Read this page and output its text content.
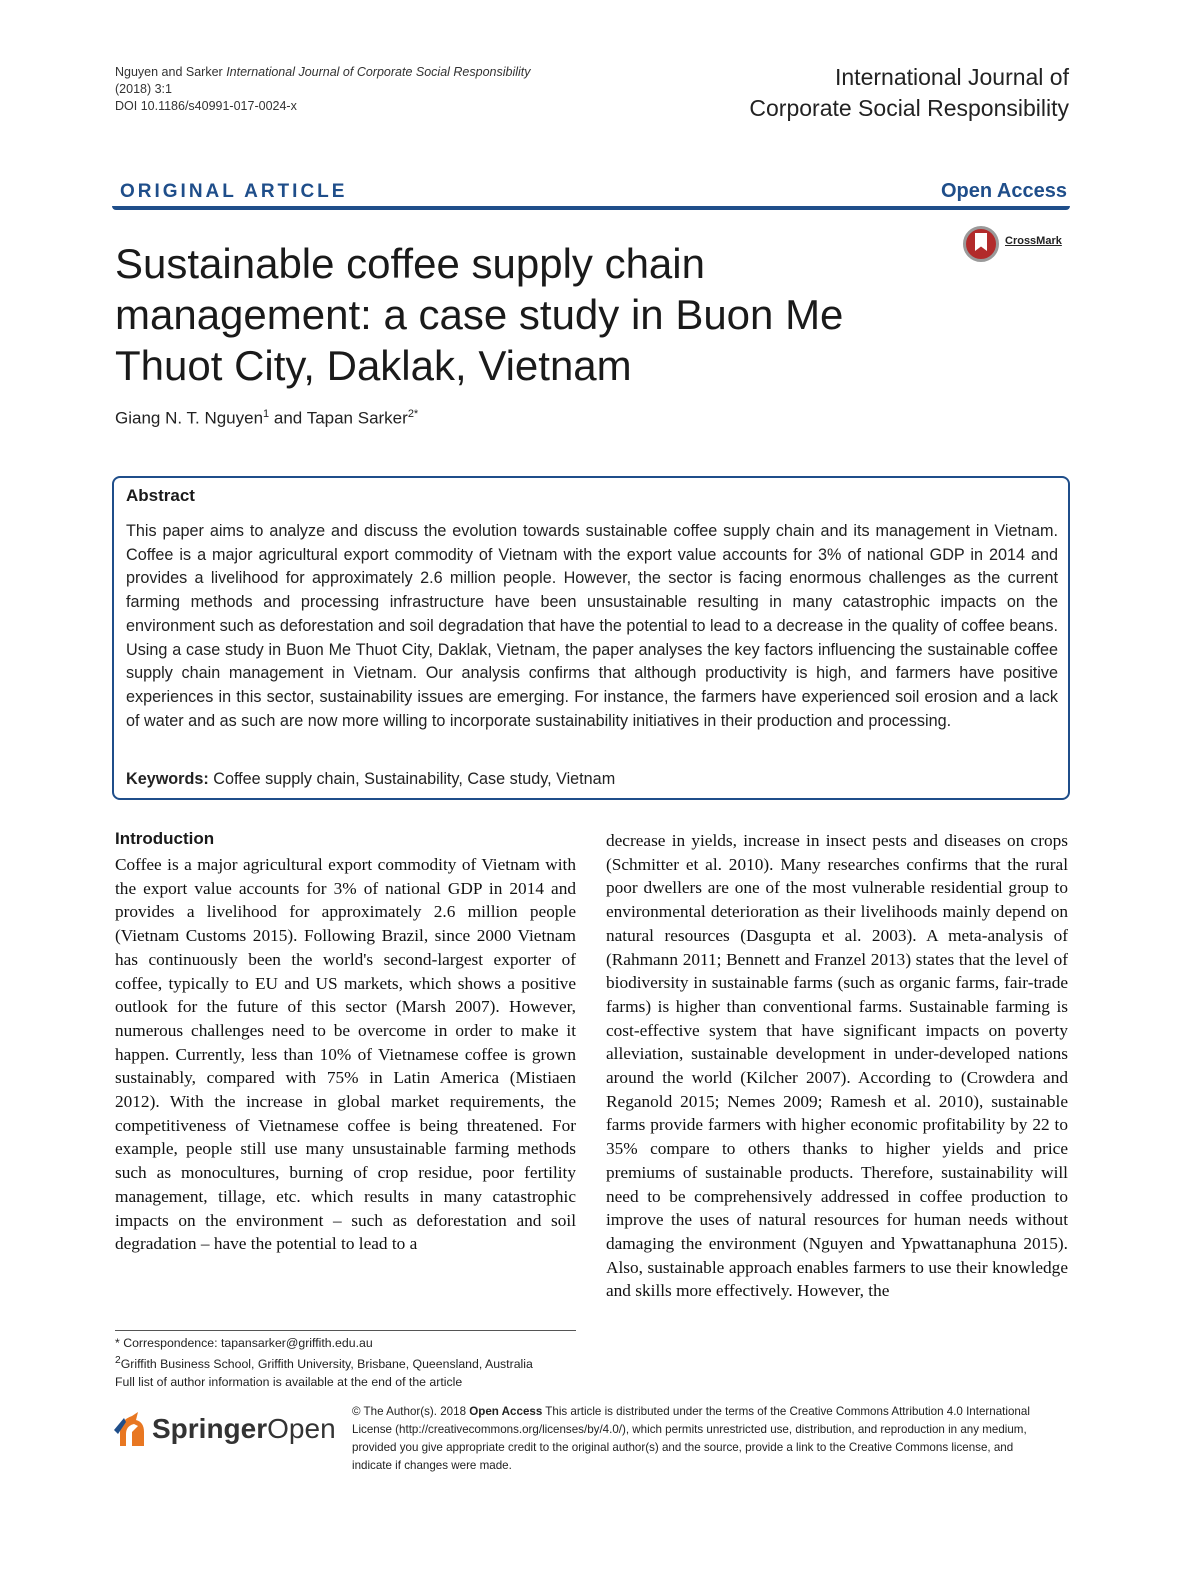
Nguyen and Sarker International Journal of Corporate Social Responsibility
(2018) 3:1
DOI 10.1186/s40991-017-0024-x
International Journal of
Corporate Social Responsibility
ORIGINAL ARTICLE	Open Access
CrossMark
Sustainable coffee supply chain management: a case study in Buon Me Thuot City, Daklak, Vietnam
Giang N. T. Nguyen$^1$ and Tapan Sarker$^{2*}$
Abstract
This paper aims to analyze and discuss the evolution towards sustainable coffee supply chain and its management in Vietnam. Coffee is a major agricultural export commodity of Vietnam with the export value accounts for 3% of national GDP in 2014 and provides a livelihood for approximately 2.6 million people. However, the sector is facing enormous challenges as the current farming methods and processing infrastructure have been unsustainable resulting in many catastrophic impacts on the environment such as deforestation and soil degradation that have the potential to lead to a decrease in the quality of coffee beans. Using a case study in Buon Me Thuot City, Daklak, Vietnam, the paper analyses the key factors influencing the sustainable coffee supply chain management in Vietnam. Our analysis confirms that although productivity is high, and farmers have positive experiences in this sector, sustainability issues are emerging. For instance, the farmers have experienced soil erosion and a lack of water and as such are now more willing to incorporate sustainability initiatives in their production and processing.
Keywords: Coffee supply chain, Sustainability, Case study, Vietnam
Introduction
Coffee is a major agricultural export commodity of Vietnam with the export value accounts for 3% of national GDP in 2014 and provides a livelihood for approximately 2.6 million people (Vietnam Customs 2015). Following Brazil, since 2000 Vietnam has continuously been the world's second-largest exporter of coffee, typically to EU and US markets, which shows a positive outlook for the future of this sector (Marsh 2007). However, numerous challenges need to be overcome in order to make it happen. Currently, less than 10% of Vietnamese coffee is grown sustainably, compared with 75% in Latin America (Mistiaen 2012). With the increase in global market requirements, the competitiveness of Vietnamese coffee is being threatened. For example, people still use many unsustainable farming methods such as monocultures, burning of crop residue, poor fertility management, tillage, etc. which results in many catastrophic impacts on the environment – such as deforestation and soil degradation – have the potential to lead to a
decrease in yields, increase in insect pests and diseases on crops (Schmitter et al. 2010). Many researches confirms that the rural poor dwellers are one of the most vulnerable residential group to environmental deterioration as their livelihoods mainly depend on natural resources (Dasgupta et al. 2003). A meta-analysis of (Rahmann 2011; Bennett and Franzel 2013) states that the level of biodiversity in sustainable farms (such as organic farms, fair-trade farms) is higher than conventional farms. Sustainable farming is cost-effective system that have significant impacts on poverty alleviation, sustainable development in under-developed nations around the world (Kilcher 2007). According to (Crowdera and Reganold 2015; Nemes 2009; Ramesh et al. 2010), sustainable farms provide farmers with higher economic profitability by 22 to 35% compare to others thanks to higher yields and price premiums of sustainable products. Therefore, sustainability will need to be comprehensively addressed in coffee production to improve the uses of natural resources for human needs without damaging the environment (Nguyen and Ypwattanaphuna 2015). Also, sustainable approach enables farmers to use their knowledge and skills more effectively. However, the
* Correspondence: tapansarker@griffith.edu.au
$^2$Griffith Business School, Griffith University, Brisbane, Queensland, Australia
Full list of author information is available at the end of the article
SpringerOpen
© The Author(s). 2018 Open Access This article is distributed under the terms of the Creative Commons Attribution 4.0 International License (http://creativecommons.org/licenses/by/4.0/), which permits unrestricted use, distribution, and reproduction in any medium, provided you give appropriate credit to the original author(s) and the source, provide a link to the Creative Commons license, and indicate if changes were made.
